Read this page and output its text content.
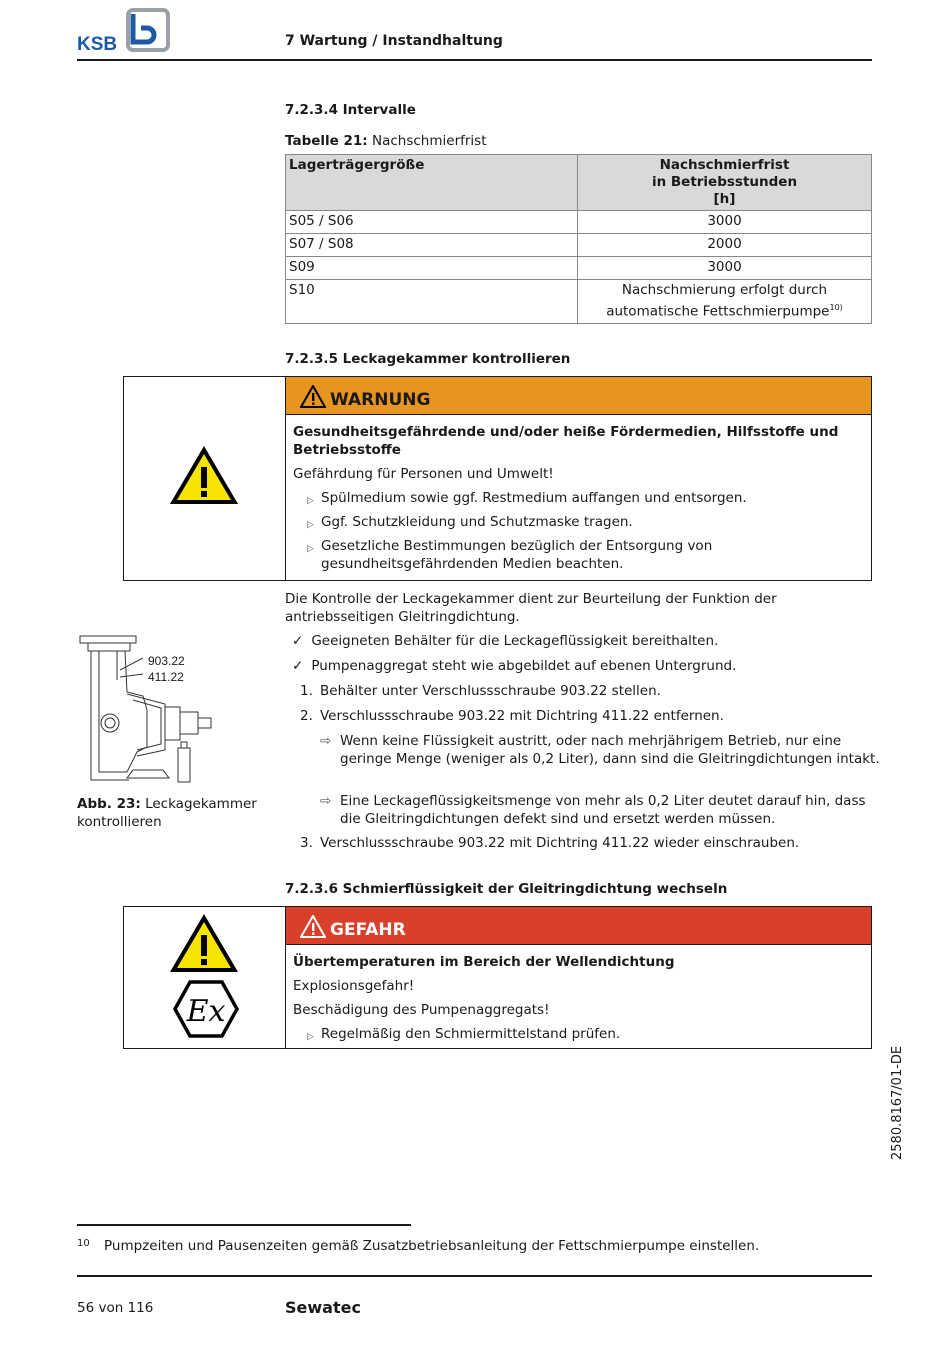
KSB	7 Wartung / Instandhaltung
7.2.3.4 Intervalle
Tabelle 21: Nachschmierfrist
Lagerträgergröße	Nachschmierfrist
in Betriebsstunden
[h]

S05 / S06	3000
S07 / S08	2000
S09	3000
S10	Nachschmierung erfolgt durch
automatische Fettschmierpumpe$^{10)}$
7.2.3.5 Leckagekammer kontrollieren
WARNUNG

Gesundheitsgefährdende und/oder heiße Fördermedien, Hilfsstoffe und Betriebsstoffe

Gefährdung für Personen und Umwelt!

▷ Spülmedium sowie ggf. Restmedium auffangen und entsorgen.
▷ Ggf. Schutzkleidung und Schutzmaske tragen.
▷ Gesetzliche Bestimmungen bezüglich der Entsorgung von gesundheitsgefährdenden Medien beachten.
Die Kontrolle der Leckagekammer dient zur Beurteilung der Funktion der antriebsseitigen Gleitringdichtung.
✓ Geeigneten Behälter für die Leckageflüssigkeit bereithalten.
✓ Pumpenaggregat steht wie abgebildet auf ebenen Untergrund.
1. Behälter unter Verschlussschraube 903.22 stellen.
2. Verschlussschraube 903.22 mit Dichtring 411.22 entfernen.
⇨ Wenn keine Flüssigkeit austritt, oder nach mehrjährigem Betrieb, nur eine geringe Menge (weniger als 0,2 Liter), dann sind die Gleitringdichtungen intakt.
⇨ Eine Leckageflüssigkeitsmenge von mehr als 0,2 Liter deutet darauf hin, dass die Gleitringdichtungen defekt sind und ersetzt werden müssen.
3. Verschlussschraube 903.22 mit Dichtring 411.22 wieder einschrauben.
903.22
411.22
Abb. 23: Leckagekammer kontrollieren
7.2.3.6 Schmierflüssigkeit der Gleitringdichtung wechseln
Ex
GEFAHR

Übertemperaturen im Bereich der Wellendichtung

Explosionsgefahr!

Beschädigung des Pumpenaggregats!

▷ Regelmäßig den Schmiermittelstand prüfen.
2580.8167/01-DE
10 Pumpzeiten und Pausenzeiten gemäß Zusatzbetriebsanleitung der Fettschmierpumpe einstellen.
56 von 116	Sewatec
